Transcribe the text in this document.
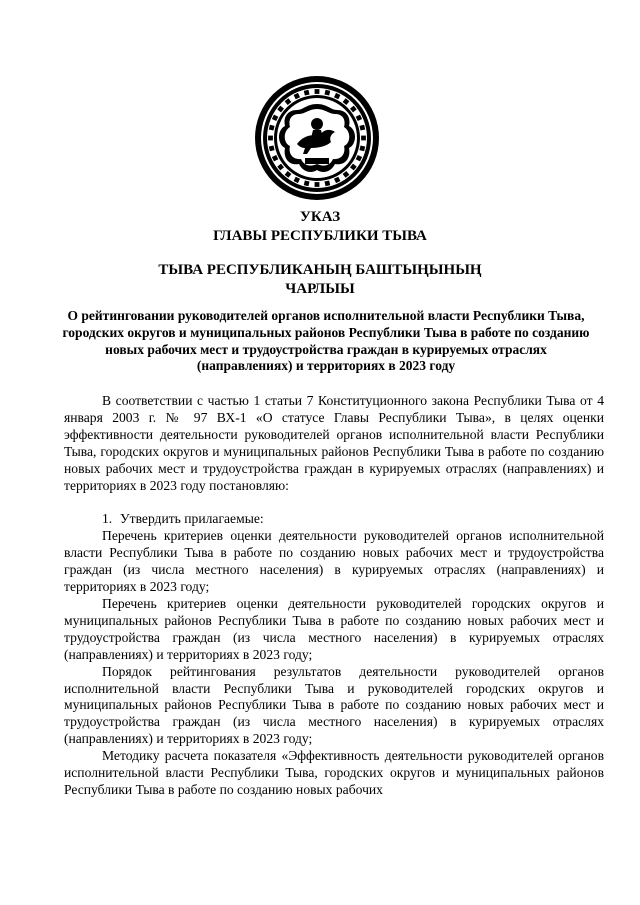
УКАЗ
ГЛАВЫ РЕСПУБЛИКИ ТЫВА
ТЫВА РЕСПУБЛИКАНЫҢ БАШТЫҢЫНЫҢ
ЧАРЛЫЫ
О рейтинговании руководителей органов исполнительной власти Республики Тыва, городских округов и муниципальных районов Республики Тыва в работе по созданию новых рабочих мест и трудоустройства граждан в курируемых отраслях (направлениях) и территориях в 2023 году

В соответствии с частью 1 статьи 7 Конституционного закона Республики Тыва от 4 января 2003 г. № 97 ВХ-1 «О статусе Главы Республики Тыва», в целях оценки эффективности деятельности руководителей органов исполнительной власти Республики Тыва, городских округов и муниципальных районов Республики Тыва в работе по созданию новых рабочих мест и трудоустройства граждан в курируемых отраслях (направлениях) и территориях в 2023 году постановляю:

1. Утвердить прилагаемые:

Перечень критериев оценки деятельности руководителей органов исполнительной власти Республики Тыва в работе по созданию новых рабочих мест и трудоустройства граждан (из числа местного населения) в курируемых отраслях (направлениях) и территориях в 2023 году;

Перечень критериев оценки деятельности руководителей городских округов и муниципальных районов Республики Тыва в работе по созданию новых рабочих мест и трудоустройства граждан (из числа местного населения) в курируемых отраслях (направлениях) и территориях в 2023 году;

Порядок рейтингования результатов деятельности руководителей органов исполнительной власти Республики Тыва и руководителей городских округов и муниципальных районов Республики Тыва в работе по созданию новых рабочих мест и трудоустройства граждан (из числа местного населения) в курируемых отраслях (направлениях) и территориях в 2023 году;

Методику расчета показателя «Эффективность деятельности руководителей органов исполнительной власти Республики Тыва, городских округов и муниципальных районов Республики Тыва в работе по созданию новых рабочих
